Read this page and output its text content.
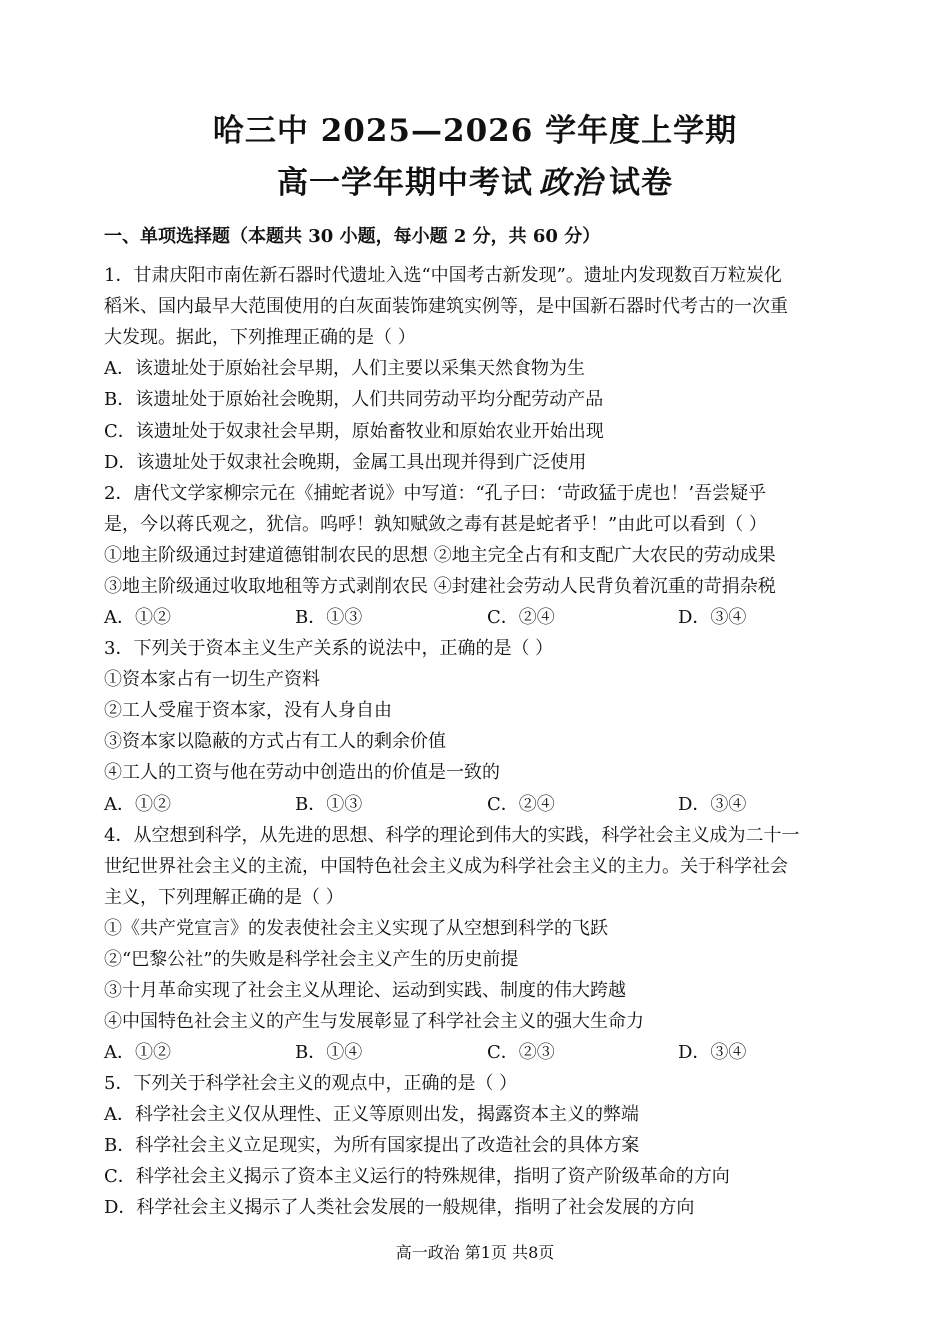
哈三中 2025—2026 学年度上学期
高一学年期中考试 政治 试卷
一、单项选择题（本题共 30 小题，每小题 2 分，共 60 分）
1．甘肃庆阳市南佐新石器时代遗址入选“中国考古新发现”。遗址内发现数百万粒炭化
稻米、国内最早大范围使用的白灰面装饰建筑实例等，是中国新石器时代考古的一次重
大发现。据此，下列推理正确的是（ ）
A．该遗址处于原始社会早期，人们主要以采集天然食物为生
B．该遗址处于原始社会晚期，人们共同劳动平均分配劳动产品
C．该遗址处于奴隶社会早期，原始畜牧业和原始农业开始出现
D．该遗址处于奴隶社会晚期，金属工具出现并得到广泛使用
2．唐代文学家柳宗元在《捕蛇者说》中写道：“孔子曰：‘苛政猛于虎也！’吾尝疑乎
是，今以蒋氏观之，犹信。呜呼！孰知赋敛之毒有甚是蛇者乎！”由此可以看到（ ）
①地主阶级通过封建道德钳制农民的思想 ②地主完全占有和支配广大农民的劳动成果
③地主阶级通过收取地租等方式剥削农民 ④封建社会劳动人民背负着沉重的苛捐杂税
A．①②	B．①③	C．②④	D．③④
3．下列关于资本主义生产关系的说法中，正确的是（ ）
①资本家占有一切生产资料
②工人受雇于资本家，没有人身自由
③资本家以隐蔽的方式占有工人的剩余价值
④工人的工资与他在劳动中创造出的价值是一致的
A．①②	B．①③	C．②④	D．③④
4．从空想到科学，从先进的思想、科学的理论到伟大的实践，科学社会主义成为二十一
世纪世界社会主义的主流，中国特色社会主义成为科学社会主义的主力。关于科学社会
主义，下列理解正确的是（ ）
①《共产党宣言》的发表使社会主义实现了从空想到科学的飞跃
②“巴黎公社”的失败是科学社会主义产生的历史前提
③十月革命实现了社会主义从理论、运动到实践、制度的伟大跨越
④中国特色社会主义的产生与发展彰显了科学社会主义的强大生命力
A．①②	B．①④	C．②③	D．③④
5．下列关于科学社会主义的观点中，正确的是（ ）
A．科学社会主义仅从理性、正义等原则出发，揭露资本主义的弊端
B．科学社会主义立足现实，为所有国家提出了改造社会的具体方案
C．科学社会主义揭示了资本主义运行的特殊规律，指明了资产阶级革命的方向
D．科学社会主义揭示了人类社会发展的一般规律，指明了社会发展的方向
高一政治 第1页 共8页
